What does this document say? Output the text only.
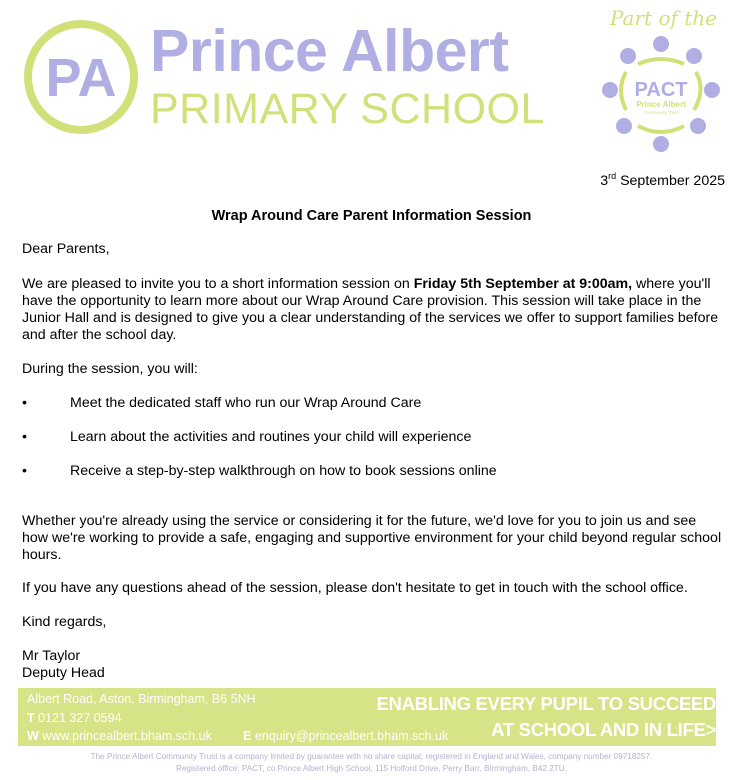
PA Prince Albert
PRIMARY SCHOOL
Part of the
PACT
Prince Albert
Community Trust
3rd September 2025
Wrap Around Care Parent Information Session
Dear Parents,
We are pleased to invite you to a short information session on Friday 5th September at 9:00am, where you'll have the opportunity to learn more about our Wrap Around Care provision. This session will take place in the Junior Hall and is designed to give you a clear understanding of the services we offer to support families before and after the school day.
During the session, you will:
•	Meet the dedicated staff who run our Wrap Around Care
•	Learn about the activities and routines your child will experience
•	Receive a step-by-step walkthrough on how to book sessions online
Whether you're already using the service or considering it for the future, we'd love for you to join us and see how we're working to provide a safe, engaging and supportive environment for your child beyond regular school hours.
If you have any questions ahead of the session, please don't hesitate to get in touch with the school office.
Kind regards,
Mr Taylor
Deputy Head
Albert Road, Aston, Birmingham, B6 5NH
T 0121 327 0594
W www.princealbert.bham.sch.uk E enquiry@princealbert.bham.sch.uk
ENABLING EVERY PUPIL TO SUCCEED
AT SCHOOL AND IN LIFE>
The Prince Albert Community Trust is a company limited by guarantee with no share capital, registered in England and Wales, company number 09718257.
Registered office: PACT, co Prince Albert High School, 115 Holford Drive, Perry Barr, Birmingham, B42 2TU.
